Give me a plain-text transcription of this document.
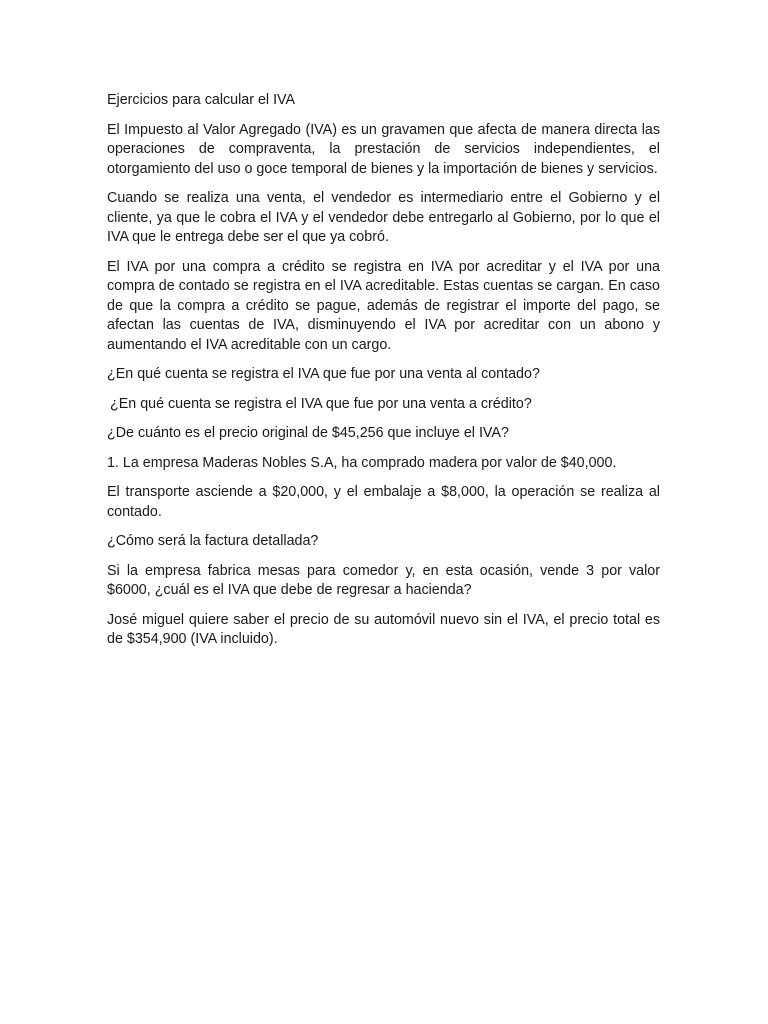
Ejercicios para calcular el IVA

El Impuesto al Valor Agregado (IVA) es un gravamen que afecta de manera directa las operaciones de compraventa, la prestación de servicios independientes, el otorgamiento del uso o goce temporal de bienes y la importación de bienes y servicios.

Cuando se realiza una venta, el vendedor es intermediario entre el Gobierno y el cliente, ya que le cobra el IVA y el vendedor debe entregarlo al Gobierno, por lo que el IVA que le entrega debe ser el que ya cobró.

El IVA por una compra a crédito se registra en IVA por acreditar y el IVA por una compra de contado se registra en el IVA acreditable. Estas cuentas se cargan. En caso de que la compra a crédito se pague, además de registrar el importe del pago, se afectan las cuentas de IVA, disminuyendo el IVA por acreditar con un abono y aumentando el IVA acreditable con un cargo.

¿En qué cuenta se registra el IVA que fue por una venta al contado?

¿En qué cuenta se registra el IVA que fue por una venta a crédito?

¿De cuánto es el precio original de $45,256 que incluye el IVA?

1. La empresa Maderas Nobles S.A, ha comprado madera por valor de $40,000.

El transporte asciende a $20,000, y el embalaje a $8,000, la operación se realiza al contado.

¿Cómo será la factura detallada?

Si la empresa fabrica mesas para comedor y, en esta ocasión, vende 3 por valor $6000, ¿cuál es el IVA que debe de regresar a hacienda?

José miguel quiere saber el precio de su automóvil nuevo sin el IVA, el precio total es de $354,900 (IVA incluido).
